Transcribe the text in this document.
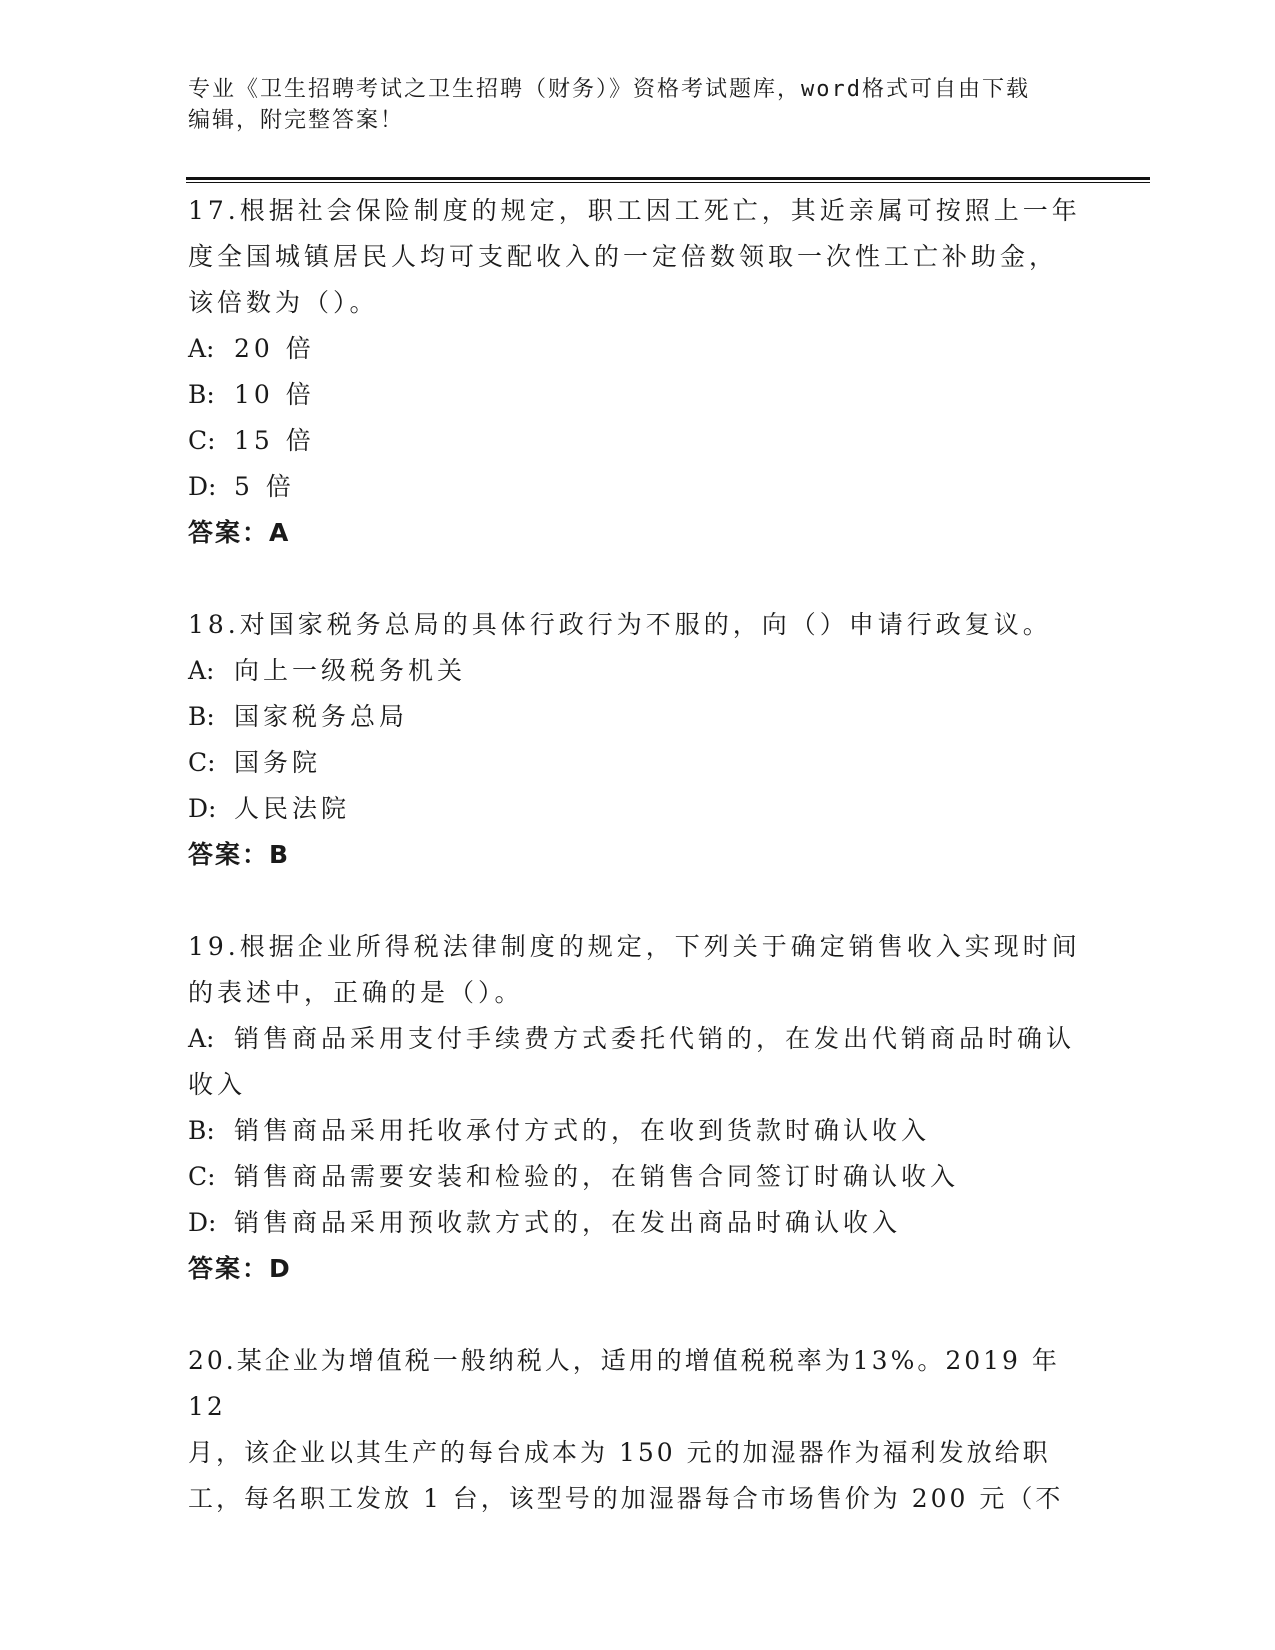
专业《卫生招聘考试之卫生招聘（财务）》资格考试题库，word格式可自由下载
编辑，附完整答案！
17.根据社会保险制度的规定，职工因工死亡，其近亲属可按照上一年
度全国城镇居民人均可支配收入的一定倍数领取一次性工亡补助金，
该倍数为（）。
A: 20 倍
B: 10 倍
C: 15 倍
D: 5 倍
答案：A
18.对国家税务总局的具体行政行为不服的，向（）申请行政复议。
A: 向上一级税务机关
B: 国家税务总局
C: 国务院
D: 人民法院
答案：B
19.根据企业所得税法律制度的规定，下列关于确定销售收入实现时间
的表述中，正确的是（）。
A: 销售商品采用支付手续费方式委托代销的，在发出代销商品时确认
收入
B: 销售商品采用托收承付方式的，在收到货款时确认收入
C: 销售商品需要安装和检验的，在销售合同签订时确认收入
D: 销售商品采用预收款方式的，在发出商品时确认收入
答案：D
20.某企业为增值税一般纳税人，适用的增值税税率为13%。2019 年 12
月，该企业以其生产的每台成本为 150 元的加湿器作为福利发放给职
工，每名职工发放 1 台，该型号的加湿器每合市场售价为 200 元（不
